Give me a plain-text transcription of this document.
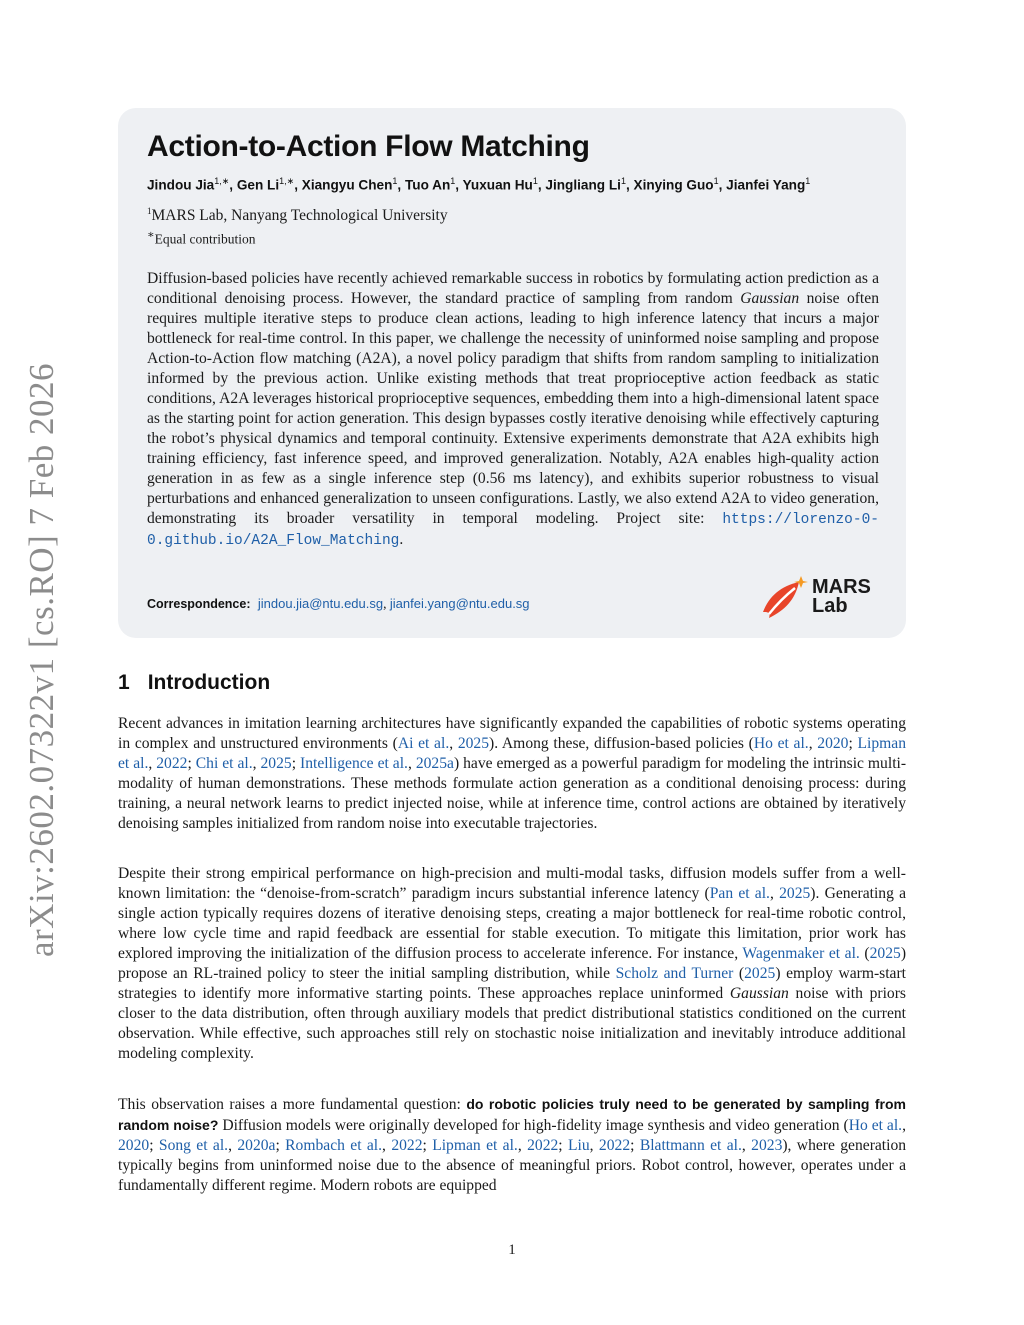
arXiv:2602.07322v1 [cs.RO] 7 Feb 2026
Action-to-Action Flow Matching
Jindou Jia$^{1,∗}$, Gen $Li^{1,∗}$, Xiangyu Chen$^1$, Tuo An$^1$, Yuxuan Hu$^1$, Jingliang Li$^1$, Xinying Guo$^1$, Jianfei Yang$^1$
$^1$MARS Lab, Nanyang Technological University
∗Equal contribution
Diffusion-based policies have recently achieved remarkable success in robotics by formulating action prediction as a conditional denoising process. However, the standard practice of sampling from random Gaussian noise often requires multiple iterative steps to produce clean actions, leading to high inference latency that incurs a major bottleneck for real-time control. In this paper, we challenge the necessity of uninformed noise sampling and propose Action-to-Action flow matching (A2A), a novel policy paradigm that shifts from random sampling to initialization informed by the previous action. Unlike existing methods that treat proprioceptive action feedback as static conditions, A2A leverages historical proprioceptive sequences, embedding them into a high-dimensional latent space as the starting point for action generation. This design bypasses costly iterative denoising while effectively capturing the robot’s physical dynamics and temporal continuity. Extensive experiments demonstrate that A2A exhibits high training efficiency, fast inference speed, and improved generalization. Notably, A2A enables high-quality action generation in as few as a single inference step (0.56 ms latency), and exhibits superior robustness to visual perturbations and enhanced generalization to unseen configurations. Lastly, we also extend A2A to video generation, demonstrating its broader versatility in temporal modeling. Project site: https://lorenzo-0-0.github.io/A2A_Flow_Matching.
Correspondence: jindou.jia@ntu.edu.sg, jianfei.yang@ntu.edu.sg
MARS
Lab
1 Introduction
Recent advances in imitation learning architectures have significantly expanded the capabilities of robotic systems operating in complex and unstructured environments (Ai et al., 2025). Among these, diffusion-based policies (Ho et al., 2020; Lipman et al., 2022; Chi et al., 2025; Intelligence et al., 2025a) have emerged as a powerful paradigm for modeling the intrinsic multi-modality of human demonstrations. These methods formulate action generation as a conditional denoising process: during training, a neural network learns to predict injected noise, while at inference time, control actions are obtained by iteratively denoising samples initialized from random noise into executable trajectories.
Despite their strong empirical performance on high-precision and multi-modal tasks, diffusion models suffer from a well-known limitation: the “denoise-from-scratch” paradigm incurs substantial inference latency (Pan et al., 2025). Generating a single action typically requires dozens of iterative denoising steps, creating a major bottleneck for real-time robotic control, where low cycle time and rapid feedback are essential for stable execution. To mitigate this limitation, prior work has explored improving the initialization of the diffusion process to accelerate inference. For instance, Wagenmaker et al. (2025) propose an RL-trained policy to steer the initial sampling distribution, while Scholz and Turner (2025) employ warm-start strategies to identify more informative starting points. These approaches replace uninformed Gaussian noise with priors closer to the data distribution, often through auxiliary models that predict distributional statistics conditioned on the current observation. While effective, such approaches still rely on stochastic noise initialization and inevitably introduce additional modeling complexity.
This observation raises a more fundamental question: do robotic policies truly need to be generated by sampling from random noise? Diffusion models were originally developed for high-fidelity image synthesis and video generation (Ho et al., 2020; Song et al., 2020a; Rombach et al., 2022; Lipman et al., 2022; Liu, 2022; Blattmann et al., 2023), where generation typically begins from uninformed noise due to the absence of meaningful priors. Robot control, however, operates under a fundamentally different regime. Modern robots are equipped
1
